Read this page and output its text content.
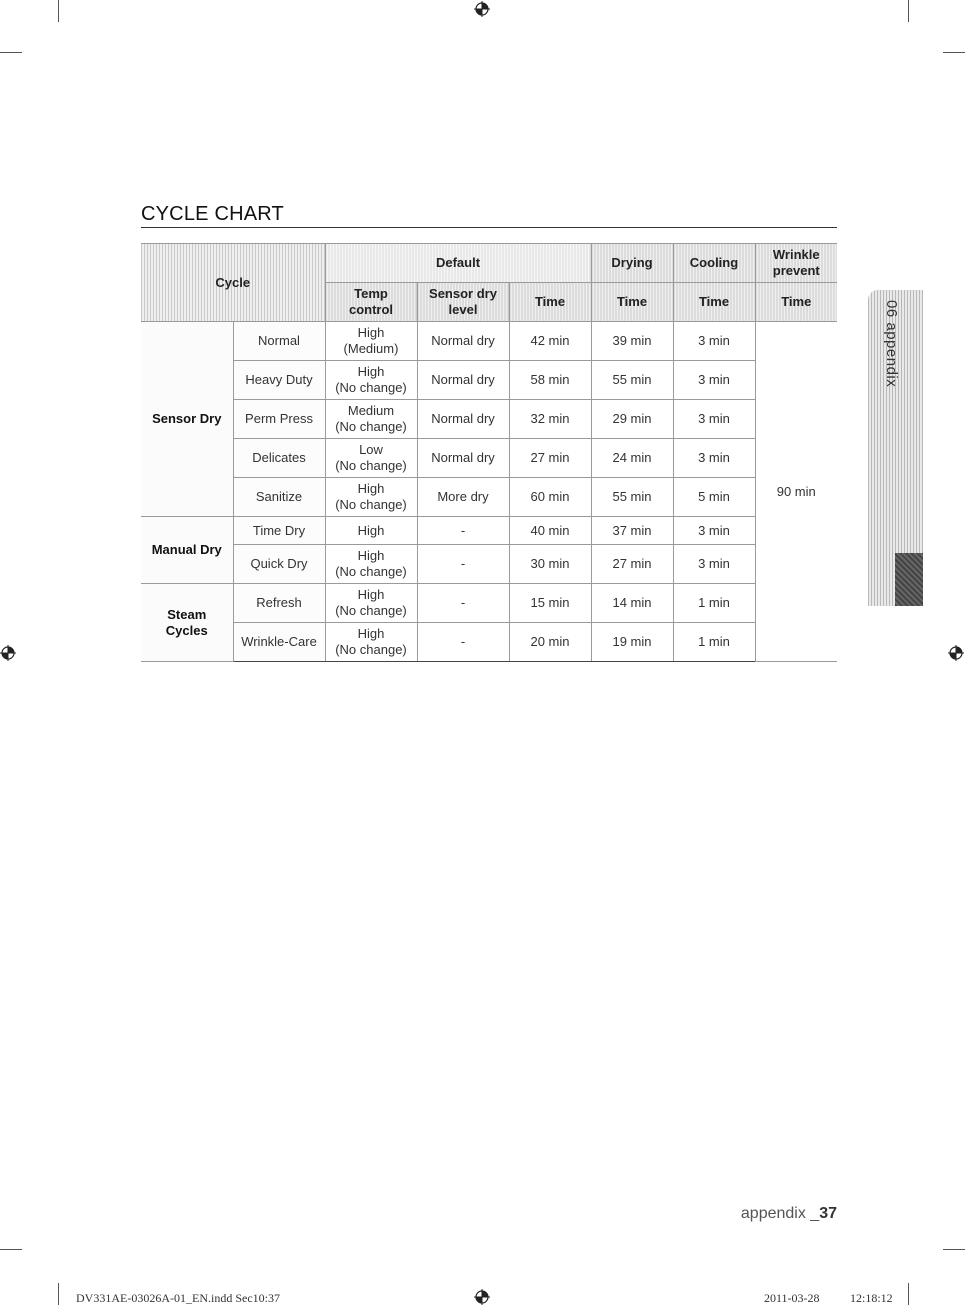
CYCLE CHART
Cycle		Default			Drying	Cooling	Wrinkle prevent
		Temp control	Sensor dry level	Time	Time	Time	Time
Sensor Dry	Normal	High
(Medium)	Normal dry	42 min	39 min	3 min	90 min
	Heavy Duty	High
(No change)	Normal dry	58 min	55 min	3 min	
	Perm Press	Medium
(No change)	Normal dry	32 min	29 min	3 min	
	Delicates	Low
(No change)	Normal dry	27 min	24 min	3 min	
	Sanitize	High
(No change)	More dry	60 min	55 min	5 min	
Manual Dry	Time Dry	High	-	40 min	37 min	3 min	
	Quick Dry	High
(No change)	-	30 min	27 min	3 min	
Steam Cycles	Refresh	High
(No change)	-	15 min	14 min	1 min	
	Wrinkle-Care	High
(No change)	-	20 min	19 min	1 min	
06 appendix
appendix _37
DV331AE-03026A-01_EN.indd Sec10:37	2011-03-28	12:18:12
